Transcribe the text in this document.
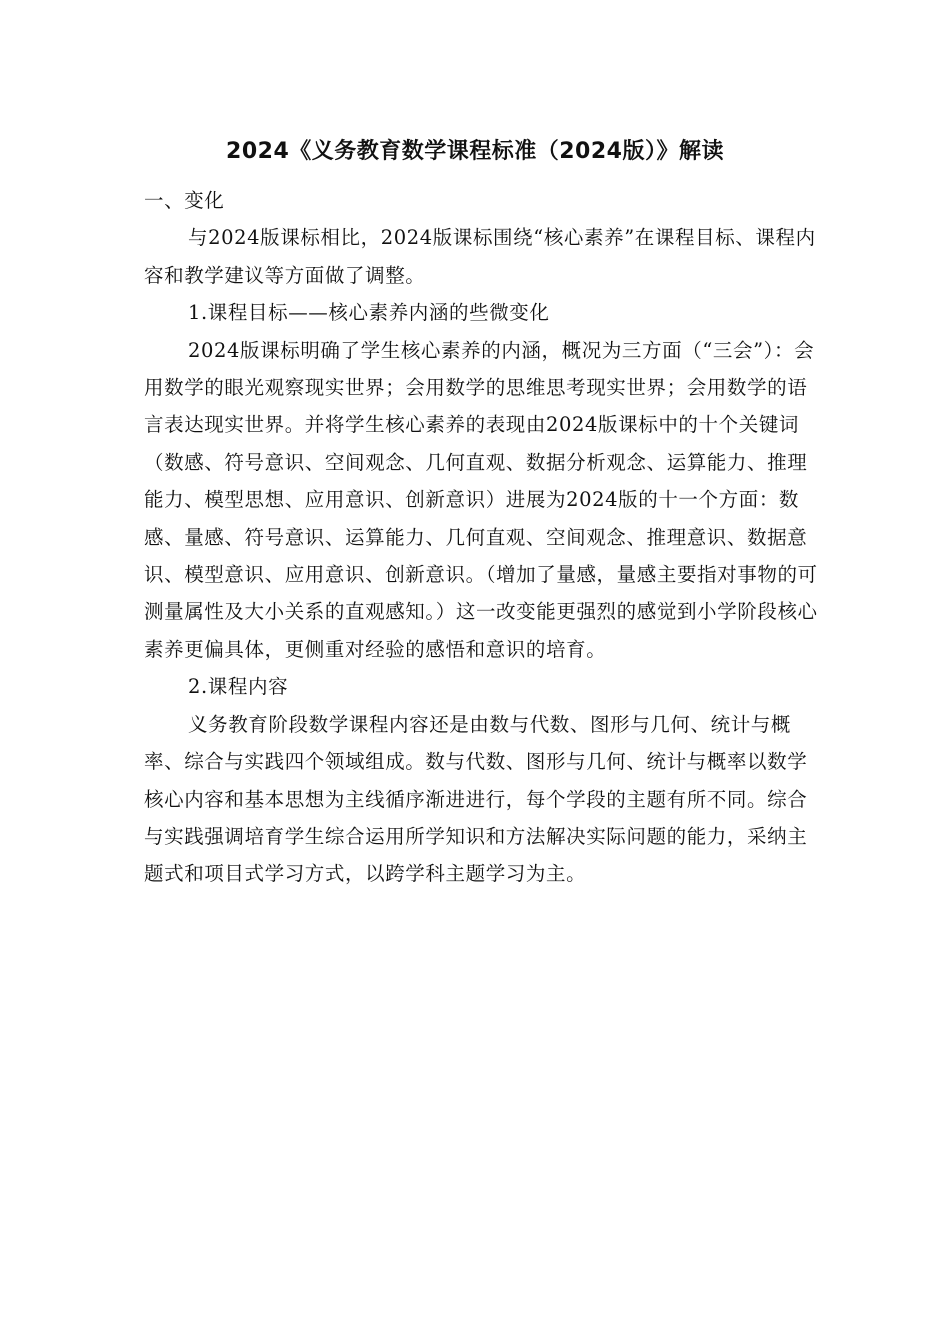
2024《义务教育数学课程标准（2024版）》解读

一、变化

与2024版课标相比，2024版课标围绕“核心素养”在课程目标、课程内容和教学建议等方面做了调整。

1.课程目标——核心素养内涵的些微变化

2024版课标明确了学生核心素养的内涵，概况为三方面（“三会”）：会用数学的眼光观察现实世界；会用数学的思维思考现实世界；会用数学的语言表达现实世界。并将学生核心素养的表现由2024版课标中的十个关键词（数感、符号意识、空间观念、几何直观、数据分析观念、运算能力、推理能力、模型思想、应用意识、创新意识）进展为2024版的十一个方面：数感、量感、符号意识、运算能力、几何直观、空间观念、推理意识、数据意识、模型意识、应用意识、创新意识。（增加了量感，量感主要指对事物的可测量属性及大小关系的直观感知。）这一改变能更强烈的感觉到小学阶段核心素养更偏具体，更侧重对经验的感悟和意识的培育。

2.课程内容

义务教育阶段数学课程内容还是由数与代数、图形与几何、统计与概率、综合与实践四个领域组成。数与代数、图形与几何、统计与概率以数学核心内容和基本思想为主线循序渐进进行，每个学段的主题有所不同。综合与实践强调培育学生综合运用所学知识和方法解决实际问题的能力，采纳主题式和项目式学习方式，以跨学科主题学习为主。
